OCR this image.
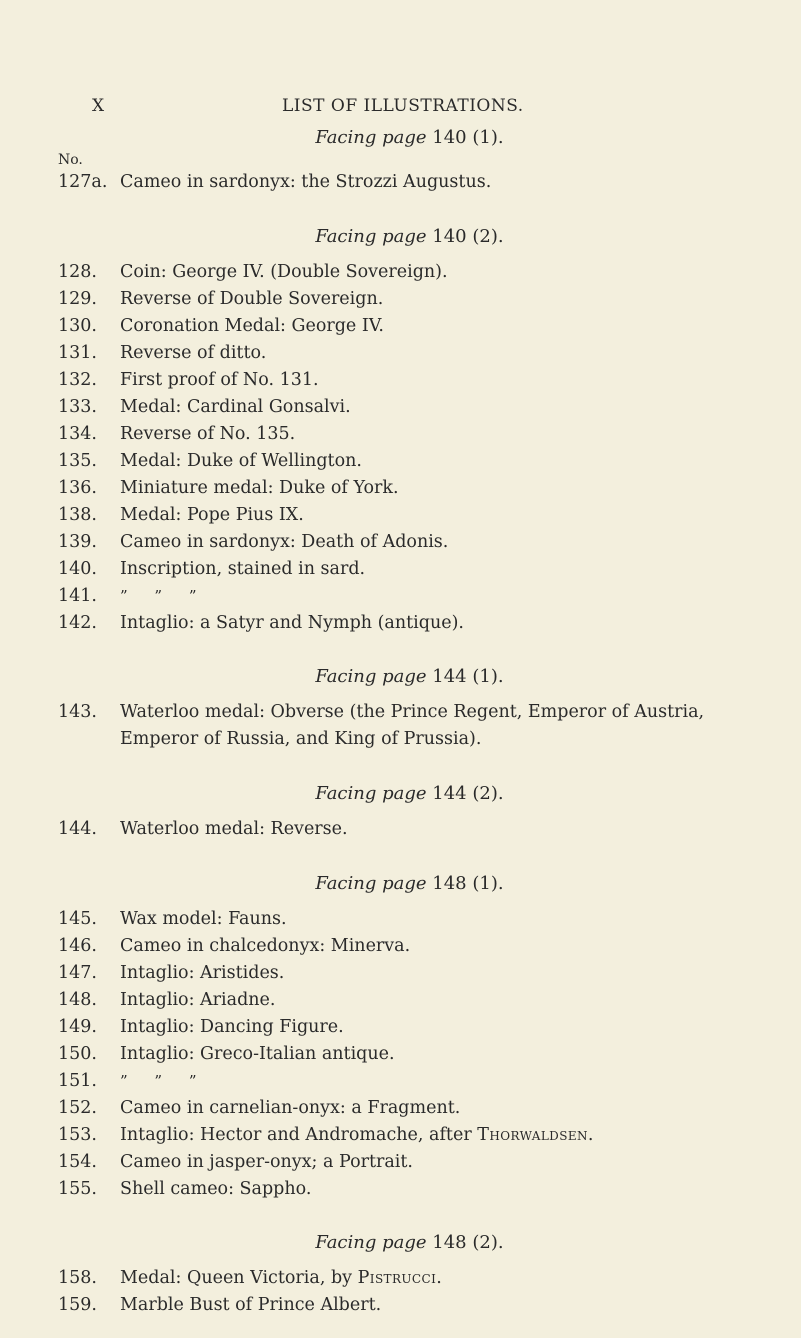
X	LIST OF ILLUSTRATIONS.
Facing page 140 (1).
No.
127a. Cameo in sardonyx: the Strozzi Augustus.
Facing page 140 (2).
128. Coin: George IV. (Double Sovereign).
129. Reverse of Double Sovereign.
130. Coronation Medal: George IV.
131. Reverse of ditto.
132. First proof of No. 131.
133. Medal: Cardinal Gonsalvi.
134. Reverse of No. 135.
135. Medal: Duke of Wellington.
136. Miniature medal: Duke of York.
138. Medal: Pope Pius IX.
139. Cameo in sardonyx: Death of Adonis.
140. Inscription, stained in sard.
141. ” ” ”
142. Intaglio: a Satyr and Nymph (antique).
Facing page 144 (1).
143. Waterloo medal: Obverse (the Prince Regent, Emperor of Austria,
Emperor of Russia, and King of Prussia).
Facing page 144 (2).
144. Waterloo medal: Reverse.
Facing page 148 (1).
145. Wax model: Fauns.
146. Cameo in chalcedonyx: Minerva.
147. Intaglio: Aristides.
148. Intaglio: Ariadne.
149. Intaglio: Dancing Figure.
150. Intaglio: Greco-Italian antique.
151. ” ” ”
152. Cameo in carnelian-onyx: a Fragment.
153. Intaglio: Hector and Andromache, after Thorwaldsen.
154. Cameo in jasper-onyx; a Portrait.
155. Shell cameo: Sappho.
Facing page 148 (2).
158. Medal: Queen Victoria, by Pistrucci.
159. Marble Bust of Prince Albert.
